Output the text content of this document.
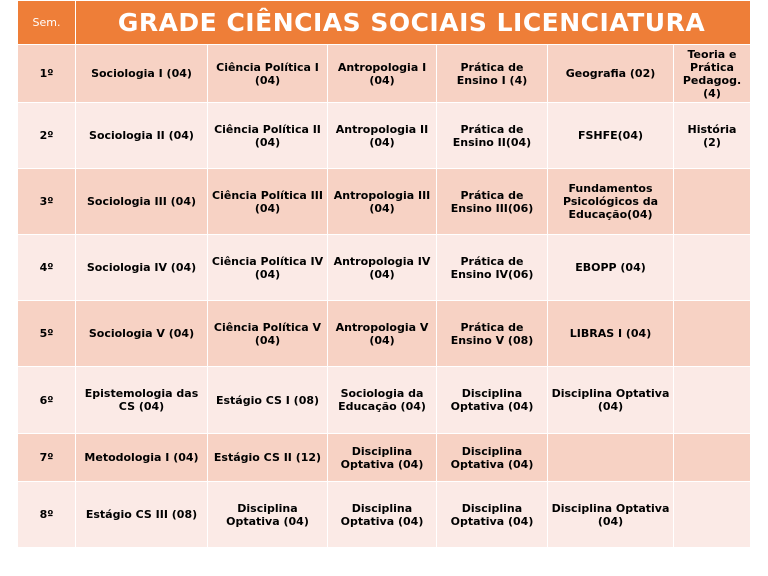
Sem.	GRADE CIÊNCIAS SOCIAIS LICENCIATURA					
1º	Sociologia I (04)	Ciência Política I (04)	Antropologia I (04)	Prática de Ensino I (4)	Geografia (02)	Teoria e Prática Pedagog. (4)
2º	Sociologia II (04)	Ciência Política II (04)	Antropologia II (04)	Prática de Ensino II(04)	FSHFE(04)	História (2)
3º	Sociologia III (04)	Ciência Política III (04)	Antropologia III (04)	Prática de Ensino III(06)	Fundamentos Psicológicos da Educação(04)	
4º	Sociologia IV (04)	Ciência Política IV (04)	Antropologia IV (04)	Prática de Ensino IV(06)	EBOPP (04)	
5º	Sociologia V (04)	Ciência Política V (04)	Antropologia V (04)	Prática de Ensino V (08)	LIBRAS I (04)	
6º	Epistemologia das CS (04)	Estágio CS I (08)	Sociologia da Educação (04)	Disciplina Optativa (04)	Disciplina Optativa (04)	
7º	Metodologia I (04)	Estágio CS II (12)	Disciplina Optativa (04)	Disciplina Optativa (04)		
8º	Estágio CS III (08)	Disciplina Optativa (04)	Disciplina Optativa (04)	Disciplina Optativa (04)	Disciplina Optativa (04)	
